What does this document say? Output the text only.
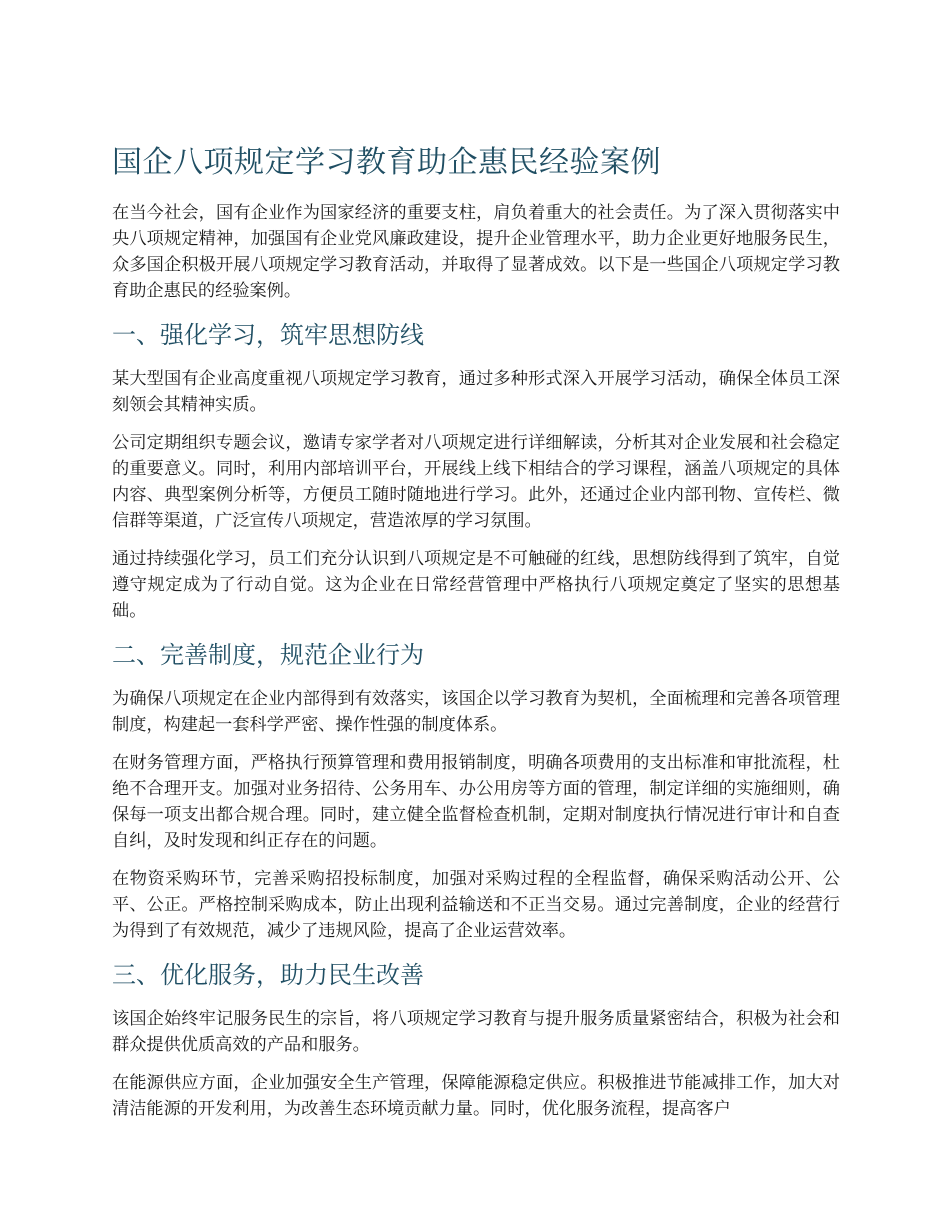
国企八项规定学习教育助企惠民经验案例

在当今社会，国有企业作为国家经济的重要支柱，肩负着重大的社会责任。为了深入贯彻落实中央八项规定精神，加强国有企业党风廉政建设，提升企业管理水平，助力企业更好地服务民生，众多国企积极开展八项规定学习教育活动，并取得了显著成效。以下是一些国企八项规定学习教育助企惠民的经验案例。

一、强化学习，筑牢思想防线

某大型国有企业高度重视八项规定学习教育，通过多种形式深入开展学习活动，确保全体员工深刻领会其精神实质。

公司定期组织专题会议，邀请专家学者对八项规定进行详细解读，分析其对企业发展和社会稳定的重要意义。同时，利用内部培训平台，开展线上线下相结合的学习课程，涵盖八项规定的具体内容、典型案例分析等，方便员工随时随地进行学习。此外，还通过企业内部刊物、宣传栏、微信群等渠道，广泛宣传八项规定，营造浓厚的学习氛围。

通过持续强化学习，员工们充分认识到八项规定是不可触碰的红线，思想防线得到了筑牢，自觉遵守规定成为了行动自觉。这为企业在日常经营管理中严格执行八项规定奠定了坚实的思想基础。

二、完善制度，规范企业行为

为确保八项规定在企业内部得到有效落实，该国企以学习教育为契机，全面梳理和完善各项管理制度，构建起一套科学严密、操作性强的制度体系。

在财务管理方面，严格执行预算管理和费用报销制度，明确各项费用的支出标准和审批流程，杜绝不合理开支。加强对业务招待、公务用车、办公用房等方面的管理，制定详细的实施细则，确保每一项支出都合规合理。同时，建立健全监督检查机制，定期对制度执行情况进行审计和自查自纠，及时发现和纠正存在的问题。

在物资采购环节，完善采购招投标制度，加强对采购过程的全程监督，确保采购活动公开、公平、公正。严格控制采购成本，防止出现利益输送和不正当交易。通过完善制度，企业的经营行为得到了有效规范，减少了违规风险，提高了企业运营效率。

三、优化服务，助力民生改善

该国企始终牢记服务民生的宗旨，将八项规定学习教育与提升服务质量紧密结合，积极为社会和群众提供优质高效的产品和服务。

在能源供应方面，企业加强安全生产管理，保障能源稳定供应。积极推进节能减排工作，加大对清洁能源的开发利用，为改善生态环境贡献力量。同时，优化服务流程，提高客户
